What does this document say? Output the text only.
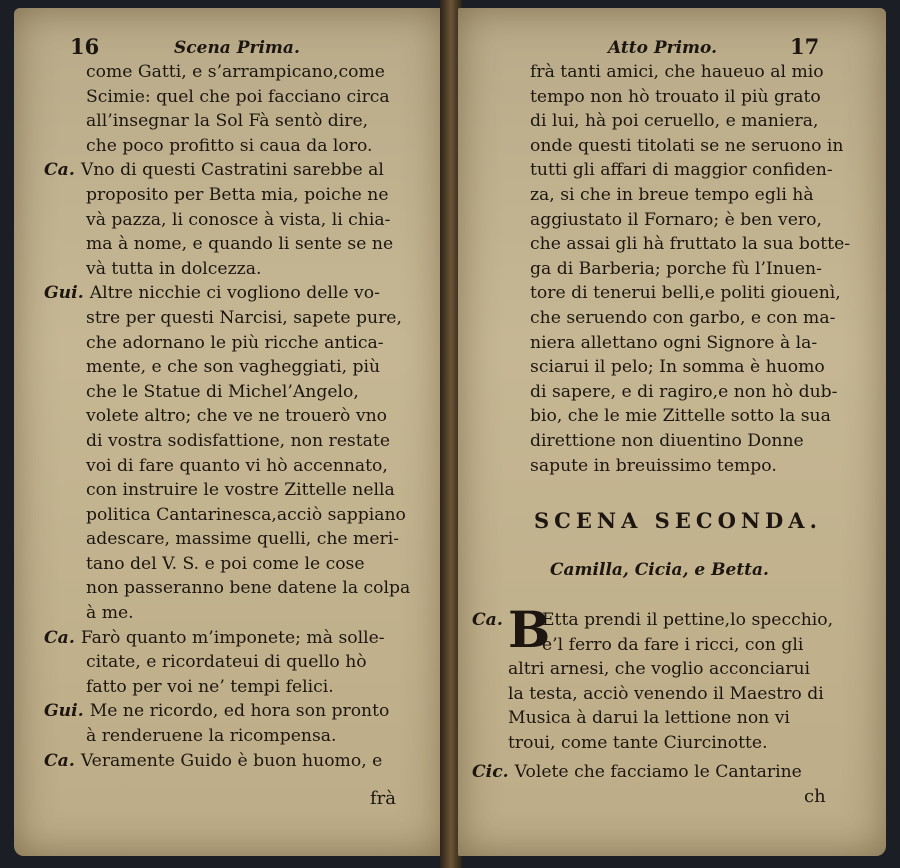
16	Scena Prima.
come Gatti, e s’arrampicano,come
Scimie: quel che poi facciano circa
all’insegnar la Sol Fà sentò dire,
che poco profitto si caua da loro.
Ca. Vno di questi Castratini sarebbe al
proposito per Betta mia, poiche ne
và pazza, li conosce à vista, li chia-
ma à nome, e quando li sente se ne
và tutta in dolcezza.
Gui. Altre nicchie ci vogliono delle vo-
stre per questi Narcisi, sapete pure,
che adornano le più ricche antica-
mente, e che son vagheggiati, più
che le Statue di Michel’Angelo,
volete altro; che ve ne trouerò vno
di vostra sodisfattione, non restate
voi di fare quanto vi hò accennato,
con instruire le vostre Zittelle nella
politica Cantarinesca,acciò sappiano
adescare, massime quelli, che meri-
tano del V. S. e poi come le cose
non passeranno bene datene la colpa
à me.
Ca. Farò quanto m’imponete; mà solle-
citate, e ricordateui di quello hò
fatto per voi ne’ tempi felici.
Gui. Me ne ricordo, ed hora son pronto
à renderuene la ricompensa.
Ca. Veramente Guido è buon huomo, e
frà
Atto Primo.	17
frà tanti amici, che haueuo al mio
tempo non hò trouato il più grato
di lui, hà poi ceruello, e maniera,
onde questi titolati se ne seruono in
tutti gli affari di maggior confiden-
za, si che in breue tempo egli hà
aggiustato il Fornaro; è ben vero,
che assai gli hà fruttato la sua botte-
ga di Barberia; porche fù l’Inuen-
tore di tenerui belli,e politi giouenì,
che seruendo con garbo, e con ma-
niera allettano ogni Signore à la-
sciarui il pelo; In somma è huomo
di sapere, e di ragiro,e non hò dub-
bio, che le mie Zittelle sotto la sua
direttione non diuentino Donne
sapute in breuissimo tempo.
SCENA SECONDA.
Camilla, Cicia, e Betta.
Ca. B
Etta prendi il pettine,lo specchio,
e’l ferro da fare i ricci, con gli
altri arnesi, che voglio acconciarui
la testa, acciò venendo il Maestro di
Musica à darui la lettione non vi
troui, come tante Ciurcinotte.
Cic. Volete che facciamo le Cantarine
ch
